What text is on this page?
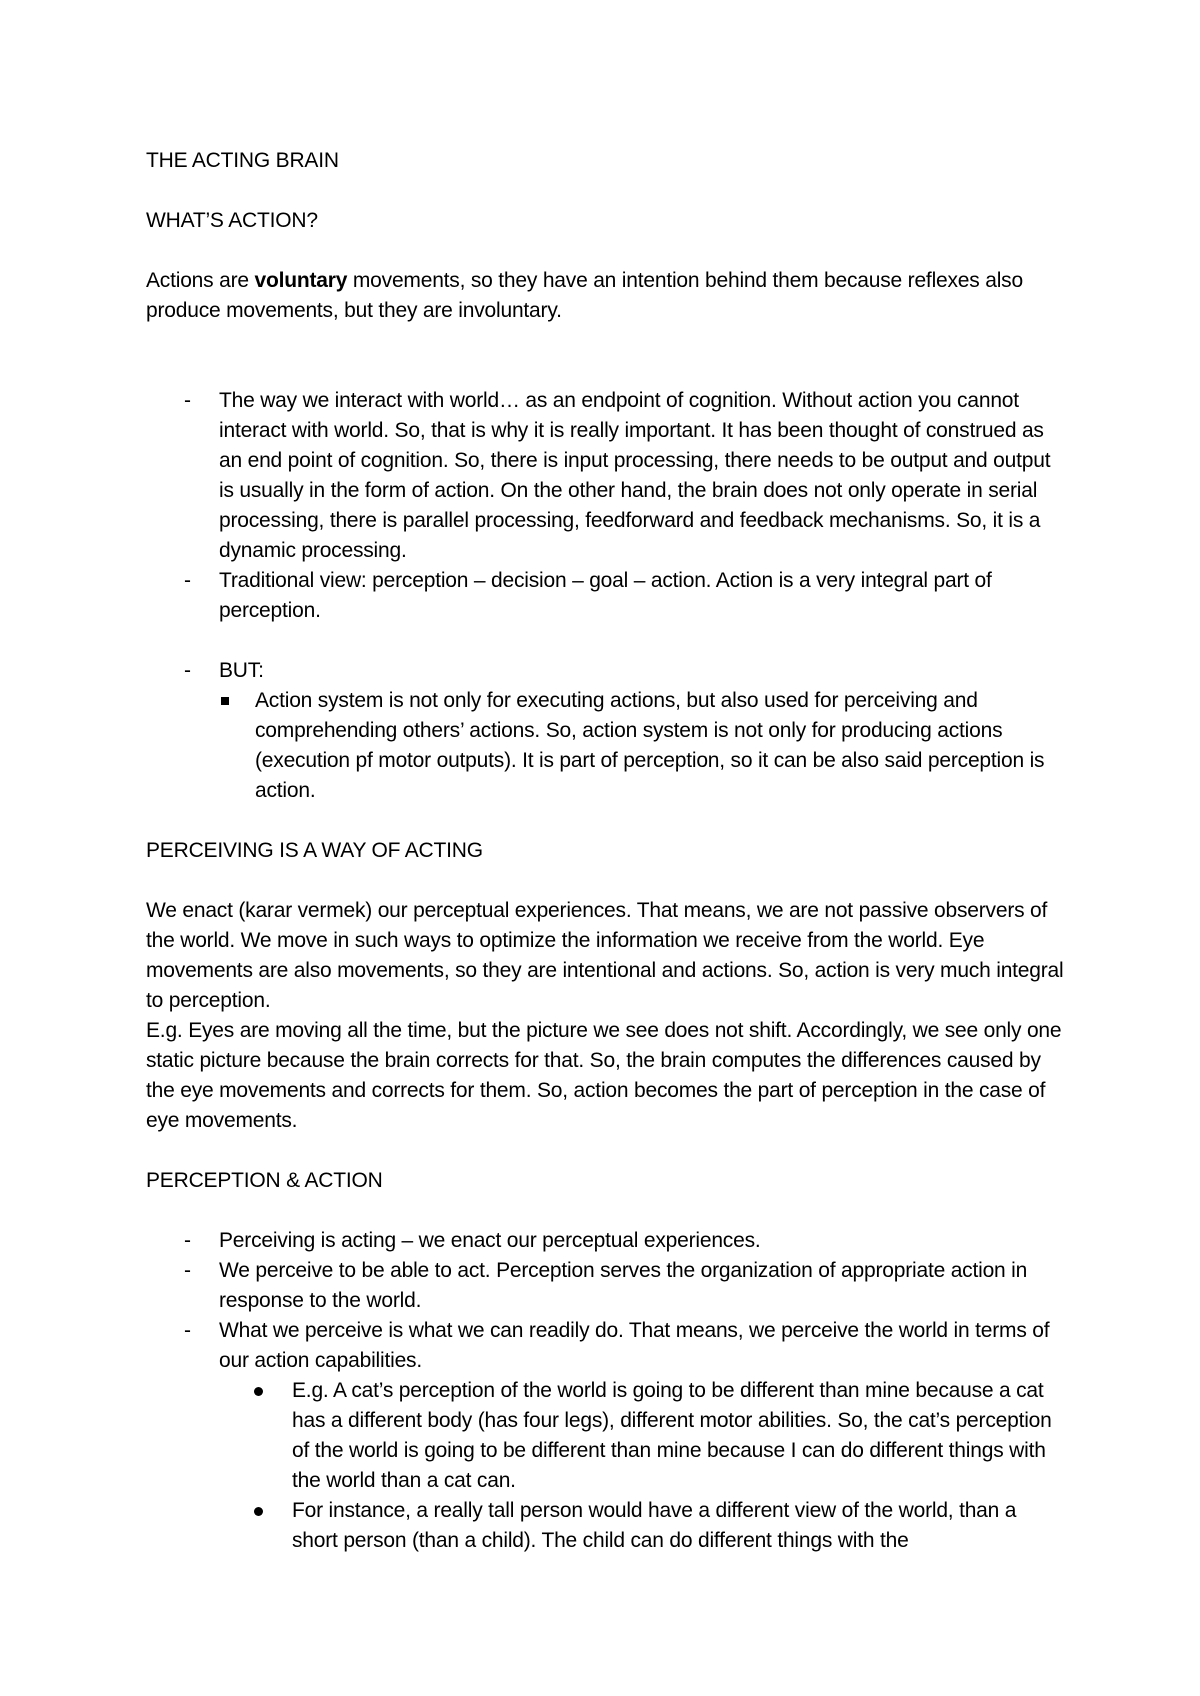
THE ACTING BRAIN

WHAT’S ACTION?

Actions are voluntary movements, so they have an intention behind them because reflexes also produce movements, but they are involuntary.

- The way we interact with world… as an endpoint of cognition. Without action you cannot interact with world. So, that is why it is really important. It has been thought of construed as an end point of cognition. So, there is input processing, there needs to be output and output is usually in the form of action. On the other hand, the brain does not only operate in serial processing, there is parallel processing, feedforward and feedback mechanisms. So, it is a dynamic processing.
- Traditional view: perception – decision – goal – action. Action is a very integral part of perception.
- BUT:
Action system is not only for executing actions, but also used for perceiving and comprehending others’ actions. So, action system is not only for producing actions (execution pf motor outputs). It is part of perception, so it can be also said perception is action.

PERCEIVING IS A WAY OF ACTING

We enact (karar vermek) our perceptual experiences. That means, we are not passive observers of the world. We move in such ways to optimize the information we receive from the world. Eye movements are also movements, so they are intentional and actions. So, action is very much integral to perception.

E.g. Eyes are moving all the time, but the picture we see does not shift. Accordingly, we see only one static picture because the brain corrects for that. So, the brain computes the differences caused by the eye movements and corrects for them. So, action becomes the part of perception in the case of eye movements.

PERCEPTION & ACTION

- Perceiving is acting – we enact our perceptual experiences.
- We perceive to be able to act. Perception serves the organization of appropriate action in response to the world.
- What we perceive is what we can readily do. That means, we perceive the world in terms of our action capabilities.
E.g. A cat’s perception of the world is going to be different than mine because a cat has a different body (has four legs), different motor abilities. So, the cat’s perception of the world is going to be different than mine because I can do different things with the world than a cat can.
For instance, a really tall person would have a different view of the world, than a short person (than a child). The child can do different things with the
